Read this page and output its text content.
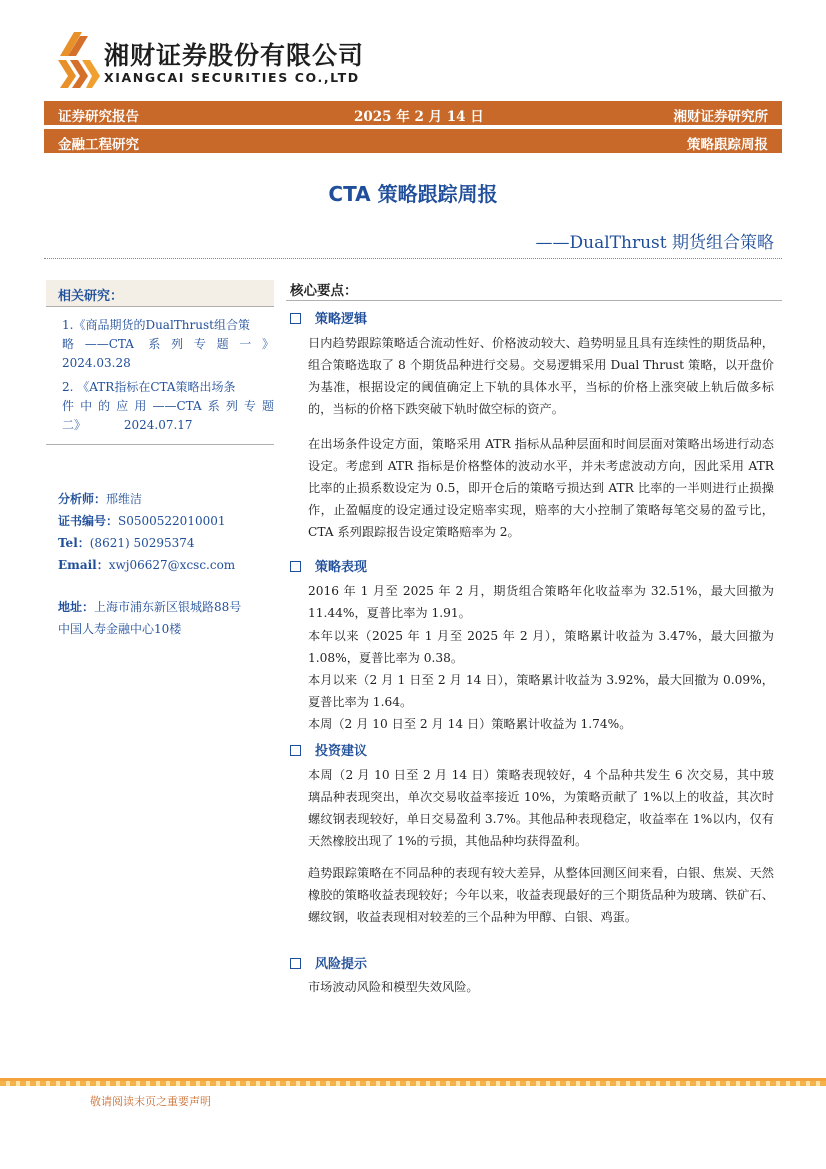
湘财证券股份有限公司
XIANGCAI SECURITIES CO.,LTD
证券研究报告	2025 年 2 月 14 日	湘财证券研究所
金融工程研究	策略跟踪周报
CTA 策略跟踪周报
——DualThrust 期货组合策略
相关研究：
1.《商品期货的DualThrust组合策
略——CTA 系列专题一》
2024.03.28
2. 《ATR指标在CTA策略出场条
件中的应用——CTA系列专题
二》	2024.07.17
分析师：邢维洁
证书编号：S0500522010001
Tel：(8621) 50295374
Email：xwj06627@xcsc.com
地址：上海市浦东新区银城路88号
中国人寿金融中心10楼
核心要点：
策略逻辑
日内趋势跟踪策略适合流动性好、价格波动较大、趋势明显且具有连续性的期货品种，组合策略选取了 8 个期货品种进行交易。交易逻辑采用 Dual Thrust 策略，以开盘价为基准，根据设定的阈值确定上下轨的具体水平，当标的价格上涨突破上轨后做多标的，当标的价格下跌突破下轨时做空标的资产。
在出场条件设定方面，策略采用 ATR 指标从品种层面和时间层面对策略出场进行动态设定。考虑到 ATR 指标是价格整体的波动水平，并未考虑波动方向，因此采用 ATR 比率的止损系数设定为 0.5，即开仓后的策略亏损达到 ATR 比率的一半则进行止损操作，止盈幅度的设定通过设定赔率实现，赔率的大小控制了策略每笔交易的盈亏比，CTA 系列跟踪报告设定策略赔率为 2。
策略表现
2016 年 1 月至 2025 年 2 月，期货组合策略年化收益率为 32.51%，最大回撤为 11.44%，夏普比率为 1.91。
本年以来（2025 年 1 月至 2025 年 2 月），策略累计收益为 3.47%，最大回撤为 1.08%，夏普比率为 0.38。
本月以来（2 月 1 日至 2 月 14 日），策略累计收益为 3.92%，最大回撤为 0.09%，夏普比率为 1.64。
本周（2 月 10 日至 2 月 14 日）策略累计收益为 1.74%。
投资建议
本周（2 月 10 日至 2 月 14 日）策略表现较好，4 个品种共发生 6 次交易，其中玻璃品种表现突出，单次交易收益率接近 10%，为策略贡献了 1%以上的收益，其次时螺纹钢表现较好，单日交易盈利 3.7%。其他品种表现稳定，收益率在 1%以内，仅有天然橡胶出现了 1%的亏损，其他品种均获得盈利。
趋势跟踪策略在不同品种的表现有较大差异，从整体回测区间来看，白银、焦炭、天然橡胶的策略收益表现较好；今年以来，收益表现最好的三个期货品种为玻璃、铁矿石、螺纹钢，收益表现相对较差的三个品种为甲醇、白银、鸡蛋。
风险提示
市场波动风险和模型失效风险。
敬请阅读末页之重要声明
